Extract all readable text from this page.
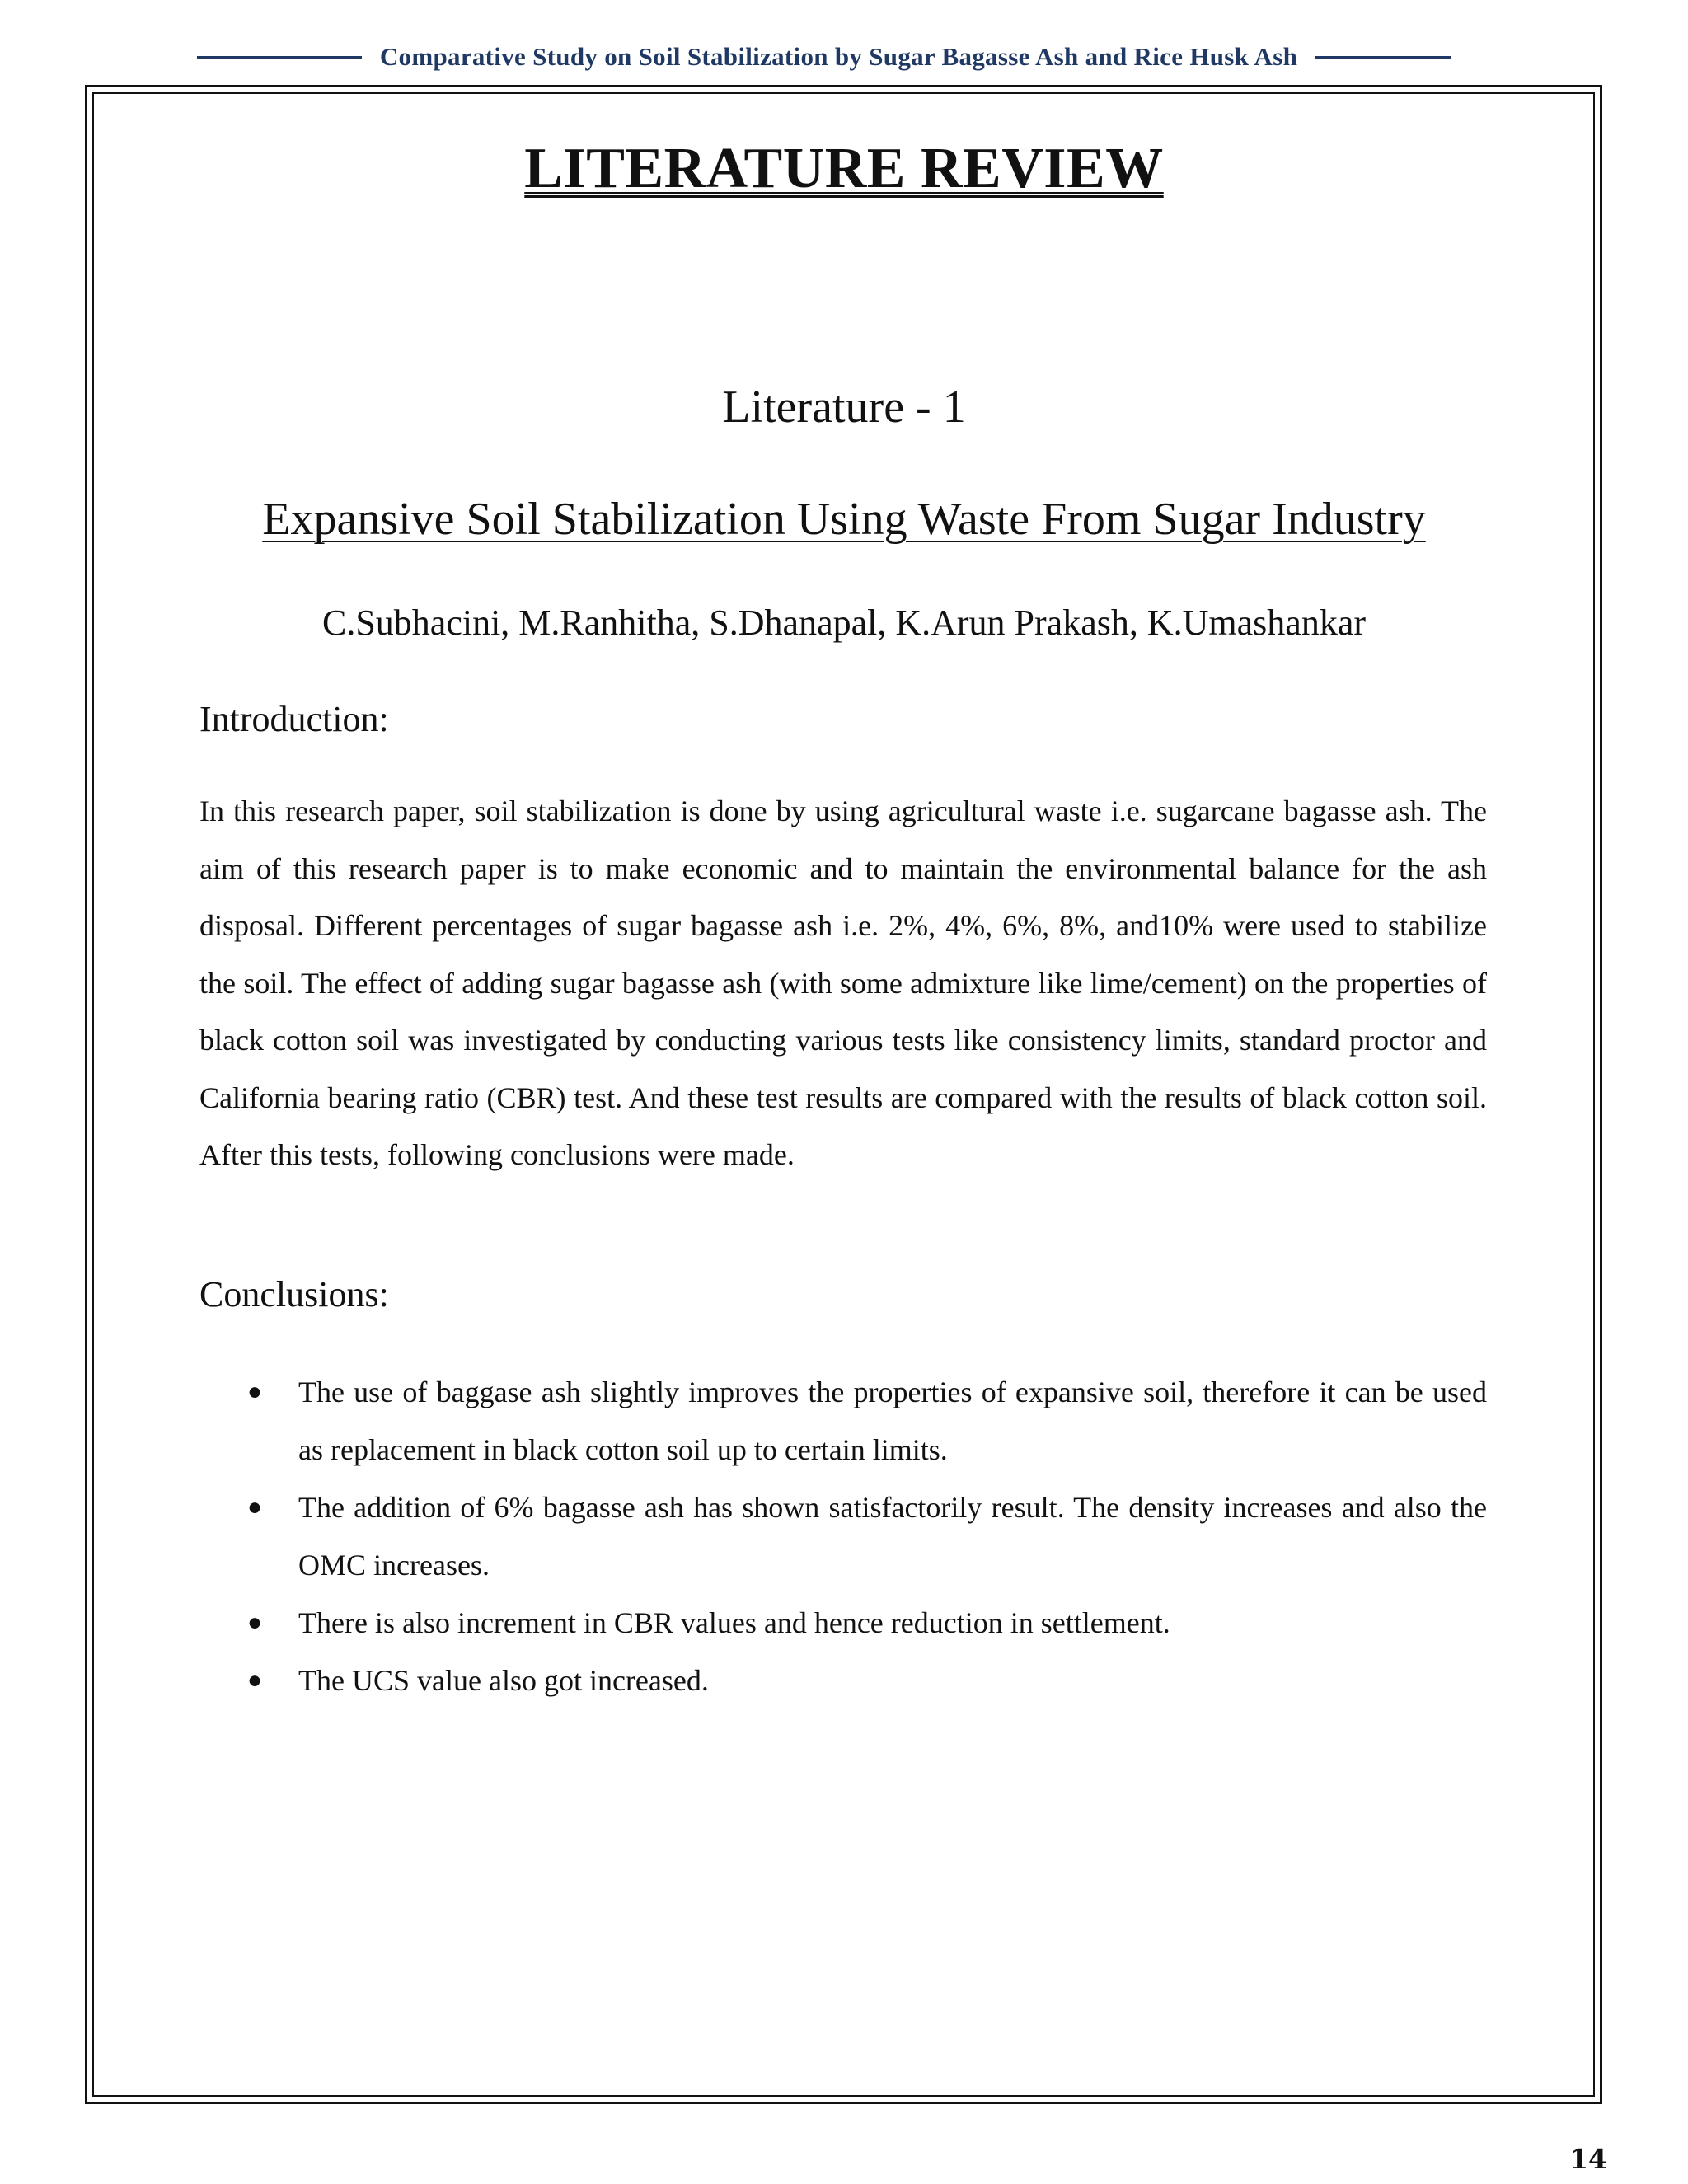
Comparative Study on Soil Stabilization by Sugar Bagasse Ash and Rice Husk Ash
LITERATURE REVIEW

Literature - 1

Expansive Soil Stabilization Using Waste From Sugar Industry

C.Subhacini, M.Ranhitha, S.Dhanapal, K.Arun Prakash, K.Umashankar

Introduction:

In this research paper, soil stabilization is done by using agricultural waste i.e. sugarcane bagasse ash. The aim of this research paper is to make economic and to maintain the environmental balance for the ash disposal. Different percentages of sugar bagasse ash i.e. 2%, 4%, 6%, 8%, and10% were used to stabilize the soil. The effect of adding sugar bagasse ash (with some admixture like lime/cement) on the properties of black cotton soil was investigated by conducting various tests like consistency limits, standard proctor and California bearing ratio (CBR) test. And these test results are compared with the results of black cotton soil. After this tests, following conclusions were made.

Conclusions:

● The use of baggase ash slightly improves the properties of expansive soil, therefore it can be used as replacement in black cotton soil up to certain limits.
● The addition of 6% bagasse ash has shown satisfactorily result. The density increases and also the OMC increases.
● There is also increment in CBR values and hence reduction in settlement.
● The UCS value also got increased.

14
